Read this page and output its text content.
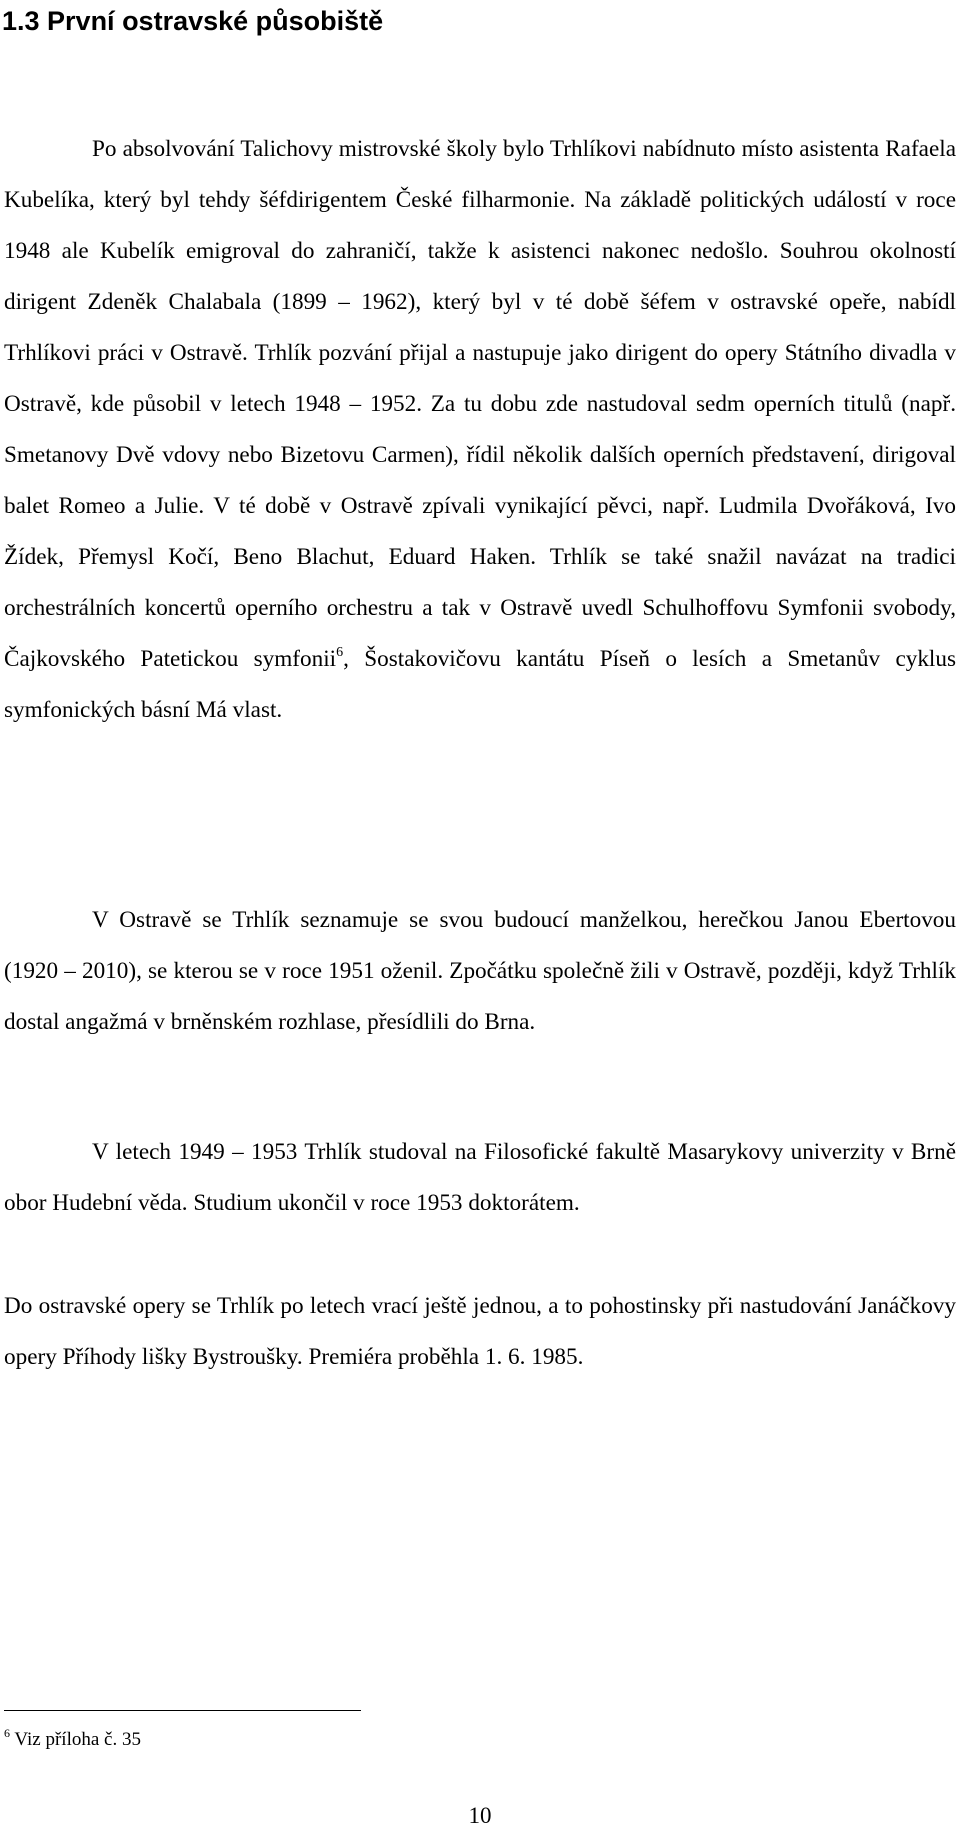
1.3 První ostravské působiště

Po absolvování Talichovy mistrovské školy bylo Trhlíkovi nabídnuto místo asistenta Rafaela Kubelíka, který byl tehdy šéfdirigentem České filharmonie. Na základě politických událostí v roce 1948 ale Kubelík emigroval do zahraničí, takže k asistenci nakonec nedošlo. Souhrou okolností dirigent Zdeněk Chalabala (1899 – 1962), který byl v té době šéfem v ostravské opeře, nabídl Trhlíkovi práci v Ostravě. Trhlík pozvání přijal a nastupuje jako dirigent do opery Státního divadla v Ostravě, kde působil v letech 1948 – 1952. Za tu dobu zde nastudoval sedm operních titulů (např. Smetanovy Dvě vdovy nebo Bizetovu Carmen), řídil několik dalších operních představení, dirigoval balet Romeo a Julie. V té době v Ostravě zpívali vynikající pěvci, např. Ludmila Dvořáková, Ivo Žídek, Přemysl Kočí, Beno Blachut, Eduard Haken. Trhlík se také snažil navázat na tradici orchestrálních koncertů operního orchestru a tak v Ostravě uvedl Schulhoffovu Symfonii svobody, Čajkovského Patetickou symfonii$^6$, Šostakovičovu kantátu Píseň o lesích a Smetanův cyklus symfonických básní Má vlast.

V Ostravě se Trhlík seznamuje se svou budoucí manželkou, herečkou Janou Ebertovou (1920 – 2010), se kterou se v roce 1951 oženil. Zpočátku společně žili v Ostravě, později, když Trhlík dostal angažmá v brněnském rozhlase, přesídlili do Brna.

V letech 1949 – 1953 Trhlík studoval na Filosofické fakultě Masarykovy univerzity v Brně obor Hudební věda. Studium ukončil v roce 1953 doktorátem.

Do ostravské opery se Trhlík po letech vrací ještě jednou, a to pohostinsky při nastudování Janáčkovy opery Příhody lišky Bystroušky. Premiéra proběhla 1. 6. 1985.

$^6$ Viz příloha č. 35

10
